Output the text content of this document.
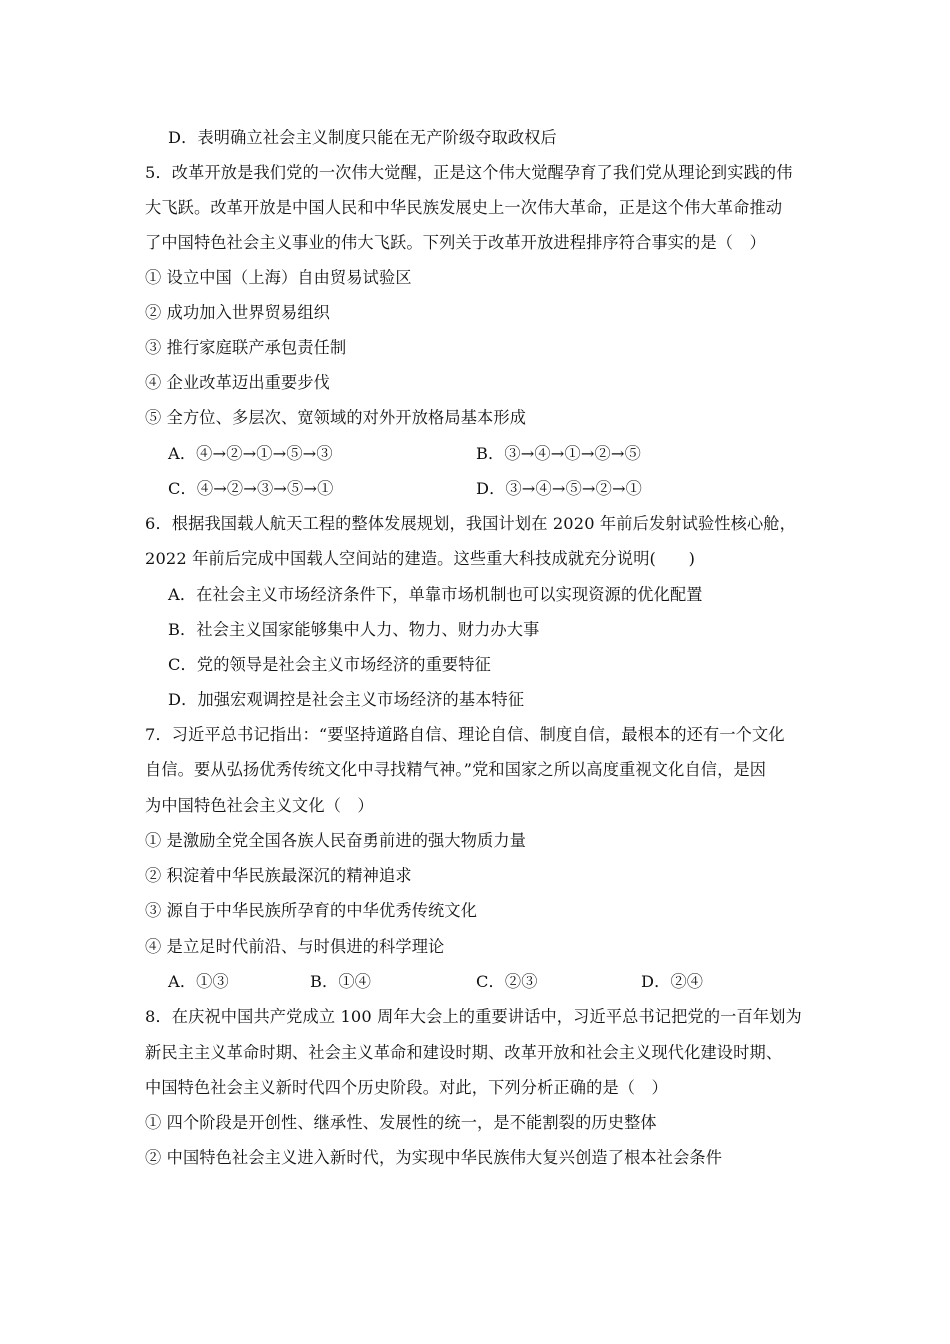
D．表明确立社会主义制度只能在无产阶级夺取政权后
5．改革开放是我们党的一次伟大觉醒，正是这个伟大觉醒孕育了我们党从理论到实践的伟
大飞跃。改革开放是中国人民和中华民族发展史上一次伟大革命，正是这个伟大革命推动
了中国特色社会主义事业的伟大飞跃。下列关于改革开放进程排序符合事实的是（　）
① 设立中国（上海）自由贸易试验区
② 成功加入世界贸易组织
③ 推行家庭联产承包责任制
④ 企业改革迈出重要步伐
⑤ 全方位、多层次、宽领域的对外开放格局基本形成
A．④→②→①→⑤→③	B．③→④→①→②→⑤
C．④→②→③→⑤→①	D．③→④→⑤→②→①
6．根据我国载人航天工程的整体发展规划，我国计划在 2020 年前后发射试验性核心舱，
2022 年前后完成中国载人空间站的建造。这些重大科技成就充分说明(　　)
A．在社会主义市场经济条件下，单靠市场机制也可以实现资源的优化配置
B．社会主义国家能够集中人力、物力、财力办大事
C．党的领导是社会主义市场经济的重要特征
D．加强宏观调控是社会主义市场经济的基本特征
7．习近平总书记指出：“要坚持道路自信、理论自信、制度自信，最根本的还有一个文化
自信。要从弘扬优秀传统文化中寻找精气神。”党和国家之所以高度重视文化自信，是因
为中国特色社会主义文化（　）
① 是激励全党全国各族人民奋勇前进的强大物质力量
② 积淀着中华民族最深沉的精神追求
③ 源自于中华民族所孕育的中华优秀传统文化
④ 是立足时代前沿、与时俱进的科学理论
A．①③	B．①④	C．②③	D．②④
8．在庆祝中国共产党成立 100 周年大会上的重要讲话中，习近平总书记把党的一百年划为
新民主主义革命时期、社会主义革命和建设时期、改革开放和社会主义现代化建设时期、
中国特色社会主义新时代四个历史阶段。对此，下列分析正确的是（　）
① 四个阶段是开创性、继承性、发展性的统一，是不能割裂的历史整体
② 中国特色社会主义进入新时代，为实现中华民族伟大复兴创造了根本社会条件
